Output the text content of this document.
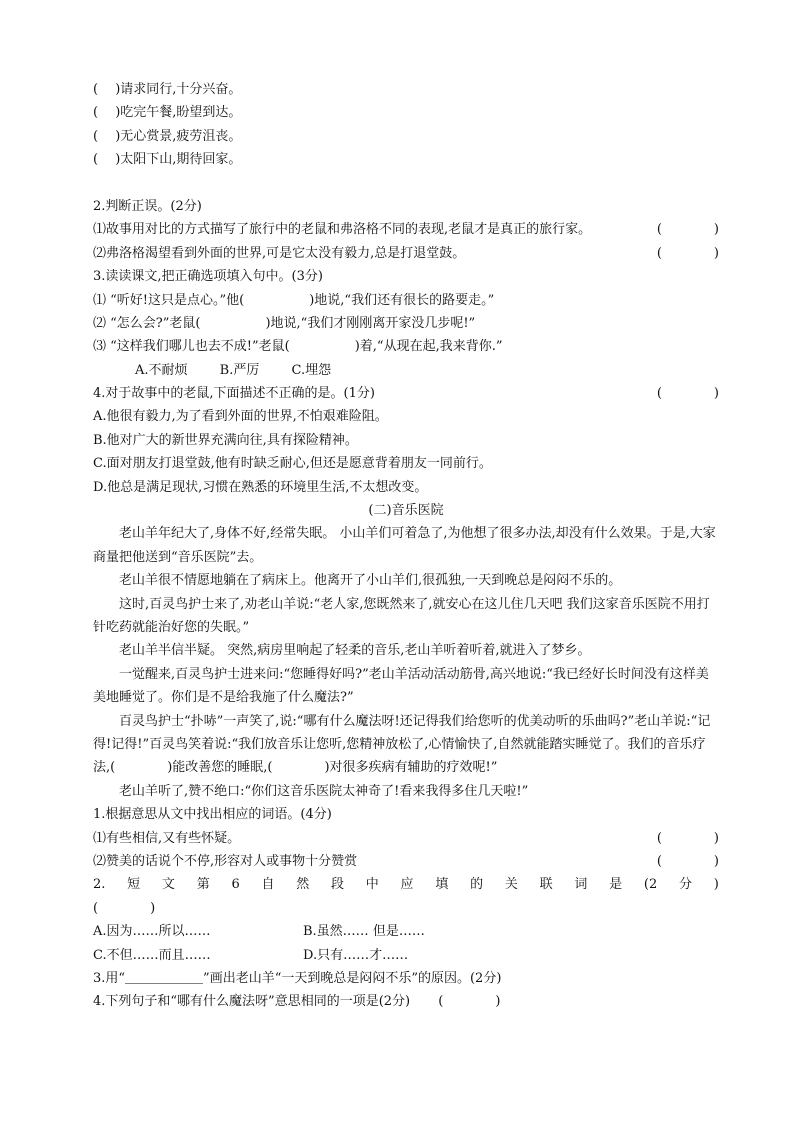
(　 )请求同行,十分兴奋。
(　 )吃完午餐,盼望到达。
(　 )无心赏景,疲劳沮丧。
(　 )太阳下山,期待回家。
2.判断正误。(2分)
⑴故事用对比的方式描写了旅行中的老鼠和弗洛格不同的表现,老鼠才是真正的旅行家。	(　　　　)
⑵弗洛格渴望看到外面的世界,可是它太没有毅力,总是打退堂鼓。	(　　　　)
3.读读课文,把正确选项填入句中。(3分)
⑴ “听好!这只是点心。”他(　　　　　)地说,“我们还有很长的路要走。”
⑵ “怎么会?”老鼠(　　　　　)地说,“我们才刚刚离开家没几步呢!”
⑶ “这样我们哪儿也去不成!”老鼠(　　　　　)着,“从现在起,我来背你.”
A.不耐烦 B.严厉 C.埋怨
4.对于故事中的老鼠,下面描述不正确的是。(1分)	(　　　　)
A.他很有毅力,为了看到外面的世界,不怕艰难险阻。
B.他对广大的新世界充满向往,具有探险精神。
C.面对朋友打退堂鼓,他有时缺乏耐心,但还是愿意背着朋友一同前行。
D.他总是满足现状,习惯在熟悉的环境里生活,不太想改变。
(二)音乐医院

老山羊年纪大了,身体不好,经常失眠。 小山羊们可着急了,为他想了很多办法,却没有什么效果。于是,大家商量把他送到“音乐医院”去。

老山羊很不情愿地躺在了病床上。他离开了小山羊们,很孤独,一天到晚总是闷闷不乐的。

这时,百灵鸟护士来了,劝老山羊说:“老人家,您既然来了,就安心在这儿住几天吧 我们这家音乐医院不用打针吃药就能治好您的失眠。”

老山羊半信半疑。 突然,病房里响起了轻柔的音乐,老山羊听着听着,就进入了梦乡。

一觉醒来,百灵鸟护士进来问:“您睡得好吗?”老山羊活动活动筋骨,高兴地说:“我已经好长时间没有这样美美地睡觉了。你们是不是给我施了什么魔法?”

百灵鸟护士“扑哧”一声笑了,说:“哪有什么魔法呀!还记得我们给您听的优美动听的乐曲吗?”老山羊说:“记得!记得!”百灵鸟笑着说:“我们放音乐让您听,您精神放松了,心情愉快了,自然就能踏实睡觉了。我们的音乐疗法,(　　　　)能改善您的睡眠,(　　　　)对很多疾病有辅助的疗效呢!”

老山羊听了,赞不绝口:“你们这音乐医院太神奇了!看来我得多住几天啦!”

1.根据意思从文中找出相应的词语。(4分)
⑴有些相信,又有些怀疑。	(　　　　)
⑵赞美的话说个不停,形容对人或事物十分赞赏	(　　　　)
2. 短 文 第 6 自 然 段 中 应 填 的 关 联 词 是 (2 分 )
(　　　　)
A.因为……所以……	B.虽然…… 但是……
C.不但……而且……	D.只有……才……
3.用“＿＿＿＿＿＿”画出老山羊“一天到晚总是闷闷不乐”的原因。(2分)
4.下列句子和“哪有什么魔法呀”意思相同的一项是(2分) (　　　　)
